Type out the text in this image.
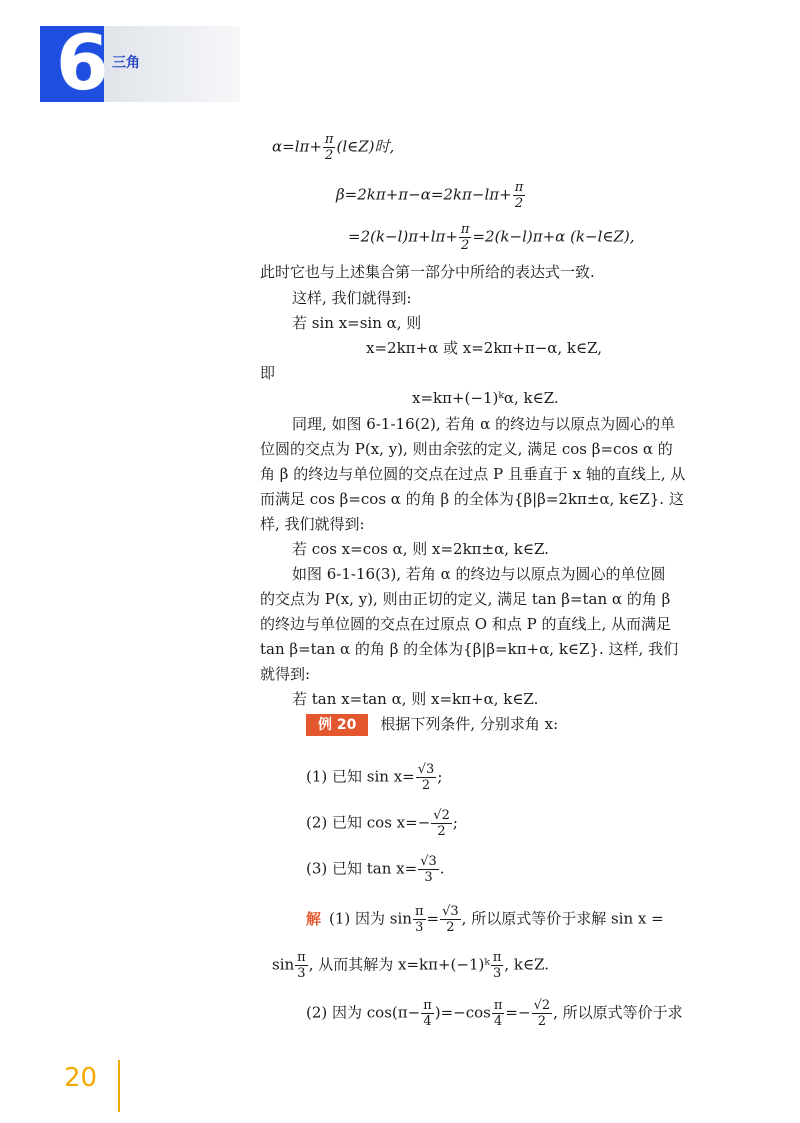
6 三角
$\alpha=l\pi+ \frac{\pi}{2}$ (l∈Z)时,
$\beta=2k\pi+\pi-\alpha=2k\pi-l\pi+ \frac{\pi}{2}$
$=2(k-l)\pi+l\pi+ \frac{\pi}{2} =2(k-l)\pi+\alpha$ (k−l∈Z),
此时它也与上述集合第一部分中所给的表达式一致.
这样, 我们就得到:
若 sin x=sin α, 则
x=2kπ+α 或 x=2kπ+π−α, k∈Z,
即
x=kπ+(−1)ᵏα, k∈Z.
同理, 如图 6-1-16(2), 若角 α 的终边与以原点为圆心的单
位圆的交点为 P(x, y), 则由余弦的定义, 满足 cos β=cos α 的
角 β 的终边与单位圆的交点在过点 P 且垂直于 x 轴的直线上, 从
而满足 cos β=cos α 的角 β 的全体为{β|β=2kπ±α, k∈Z}. 这
样, 我们就得到:
若 cos x=cos α, 则 x=2kπ±α, k∈Z.
如图 6-1-16(3), 若角 α 的终边与以原点为圆心的单位圆
的交点为 P(x, y), 则由正切的定义, 满足 tan β=tan α 的角 β
的终边与单位圆的交点在过原点 O 和点 P 的直线上, 从而满足
tan β=tan α 的角 β 的全体为{β|β=kπ+α, k∈Z}. 这样, 我们
就得到:
若 tan x=tan α, 则 x=kπ+α, k∈Z.
例 20 根据下列条件, 分别求角 x:
(1) 已知 $\sin x= \frac{√3}{2}$ ;
(2) 已知 $\cos x=- \frac{√2}{2}$ ;
(3) 已知 $\tan x= \frac{√3}{3}$ .
解 (1) 因为 $\sin \frac{\pi}{3} = \frac{√3}{2}$ , 所以原式等价于求解 sin x =
$\sin \frac{\pi}{3}$ , 从而其解为 x=kπ+(−1)ᵏ $\frac{\pi}{3}$ , k∈Z.
(2) 因为 $\cos(\pi- \frac{\pi}{4} )=-\cos \frac{\pi}{4} =- \frac{√2}{2}$ , 所以原式等价于求
20
